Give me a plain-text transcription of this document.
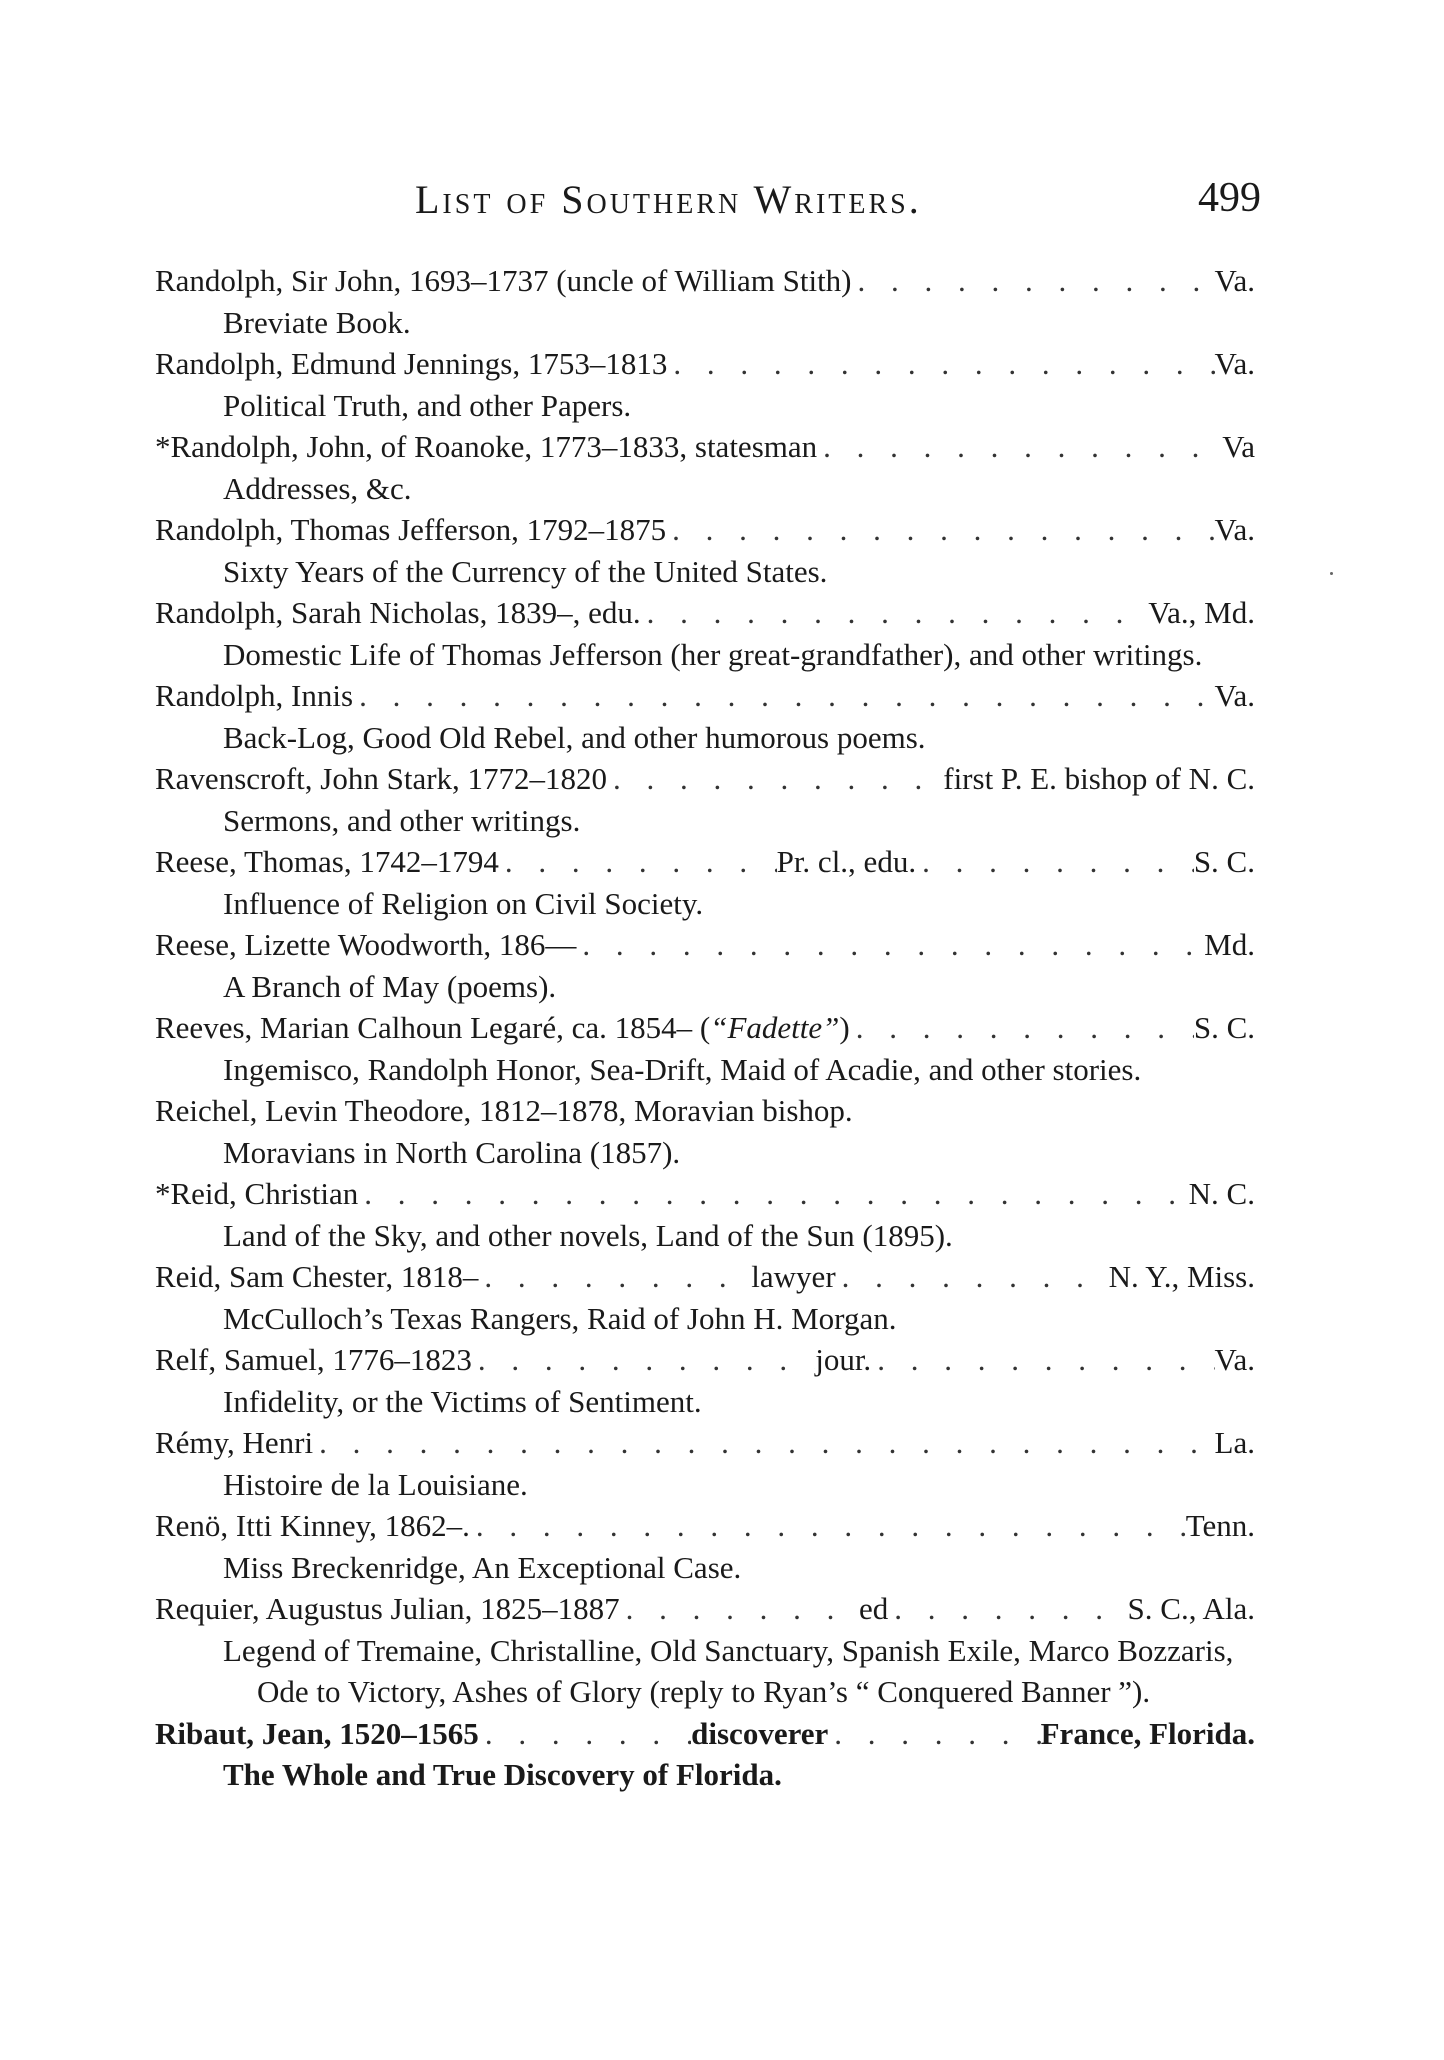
List of Southern Writers.	499
Randolph, Sir John, 1693–1737 (uncle of William Stith) . . .	Va.
Breviate Book.
Randolph, Edmund Jennings, 1753–1813 . . .	Va.
Political Truth, and other Papers.
*Randolph, John, of Roanoke, 1773–1833, statesman . . .	Va
Addresses, &c.
Randolph, Thomas Jefferson, 1792–1875 . . .	Va.
Sixty Years of the Currency of the United States.
Randolph, Sarah Nicholas, 1839–, edu. . . .	Va., Md.
Domestic Life of Thomas Jefferson (her great-grandfather), and other writings.
Randolph, Innis . . .	Va.
Back-Log, Good Old Rebel, and other humorous poems.
Ravenscroft, John Stark, 1772–1820 . . .	first P. E. bishop of N. C.
Sermons, and other writings.
Reese, Thomas, 1742–1794 . . .	Pr. cl., edu. . . .	S. C.
Influence of Religion on Civil Society.
Reese, Lizette Woodworth, 186— . . .	Md.
A Branch of May (poems).
Reeves, Marian Calhoun Legaré, ca. 1854– (“Fadette”) . . .	S. C.
Ingemisco, Randolph Honor, Sea-Drift, Maid of Acadie, and other stories.
Reichel, Levin Theodore, 1812–1878, Moravian bishop.
Moravians in North Carolina (1857).
*Reid, Christian . . .	N. C.
Land of the Sky, and other novels, Land of the Sun (1895).
Reid, Sam Chester, 1818– . . .	lawyer . . .	N. Y., Miss.
McCulloch’s Texas Rangers, Raid of John H. Morgan.
Relf, Samuel, 1776–1823 . . .	jour. . . .	Va.
Infidelity, or the Victims of Sentiment.
Rémy, Henri . . .	La.
Histoire de la Louisiane.
Renö, Itti Kinney, 1862–. . . .	Tenn.
Miss Breckenridge, An Exceptional Case.
Requier, Augustus Julian, 1825–1887 . . .	ed . . .	S. C., Ala.
Legend of Tremaine, Christalline, Old Sanctuary, Spanish Exile, Marco Bozzaris, Ode to Victory, Ashes of Glory (reply to Ryan’s “ Conquered Banner ”).
Ribaut, Jean, 1520–1565 . . .	discoverer . . .	France, Florida.
The Whole and True Discovery of Florida.
